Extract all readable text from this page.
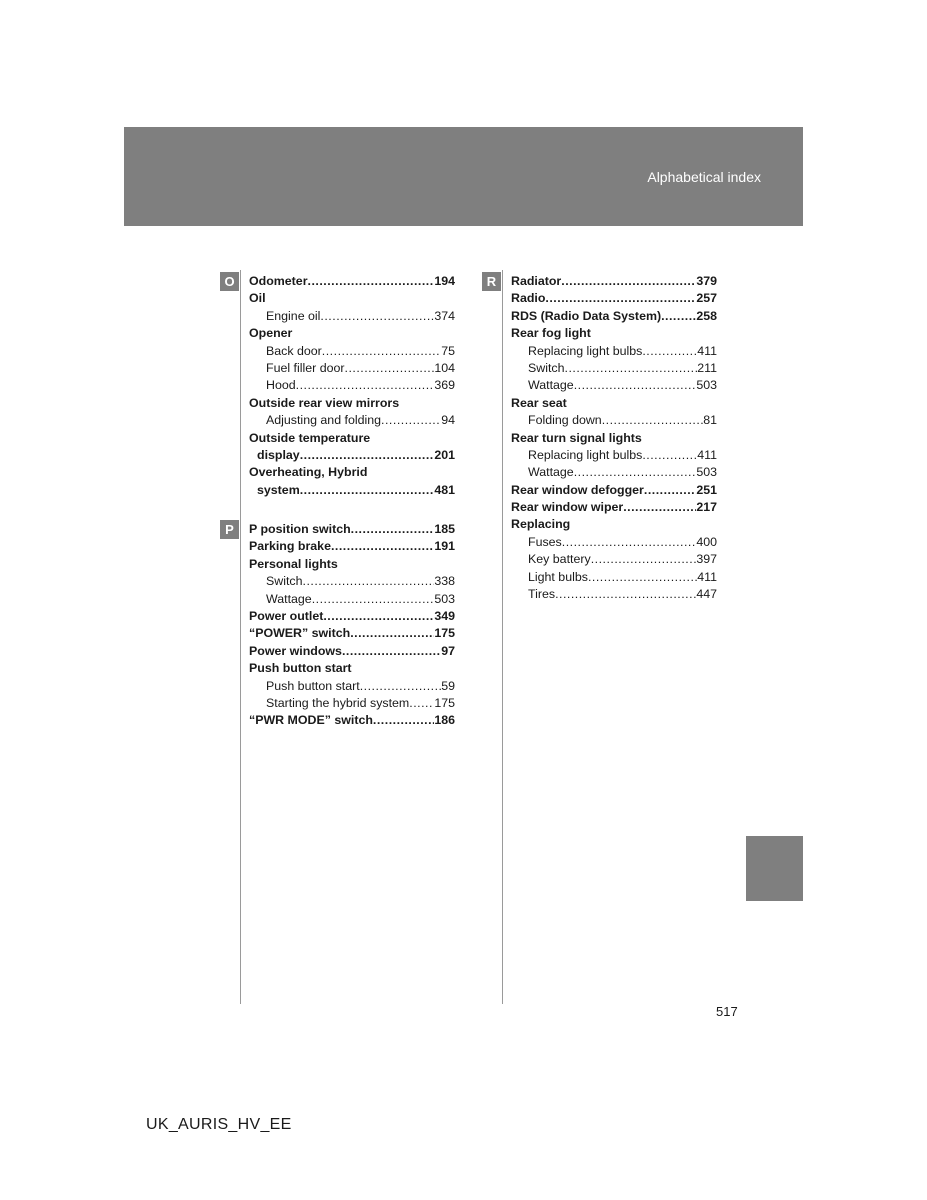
Alphabetical index
O	Odometer .....	194
Oil
Engine oil .....	374
Opener
Back door .....	75
Fuel filler door .....	104
Hood .....	369
Outside rear view mirrors
Adjusting and folding .....	94
Outside temperature
display .....	201
Overheating, Hybrid
system .....	481
P	P position switch .....	185
Parking brake .....	191
Personal lights
Switch .....	338
Wattage .....	503
Power outlet .....	349
“POWER” switch .....	175
Power windows .....	97
Push button start
Push button start .....	59
Starting the hybrid system ..... 175
“PWR MODE” switch .....	186
R	Radiator .....	379
Radio .....	257
RDS (Radio Data System) .....	258
Rear fog light
Replacing light bulbs .....	411
Switch .....	211
Wattage .....	503
Rear seat
Folding down .....	81
Rear turn signal lights
Replacing light bulbs .....	411
Wattage .....	503
Rear window defogger .....	251
Rear window wiper .....	217
Replacing
Fuses .....	400
Key battery .....	397
Light bulbs .....	411
Tires .....	447
517
UK_AURIS_HV_EE
